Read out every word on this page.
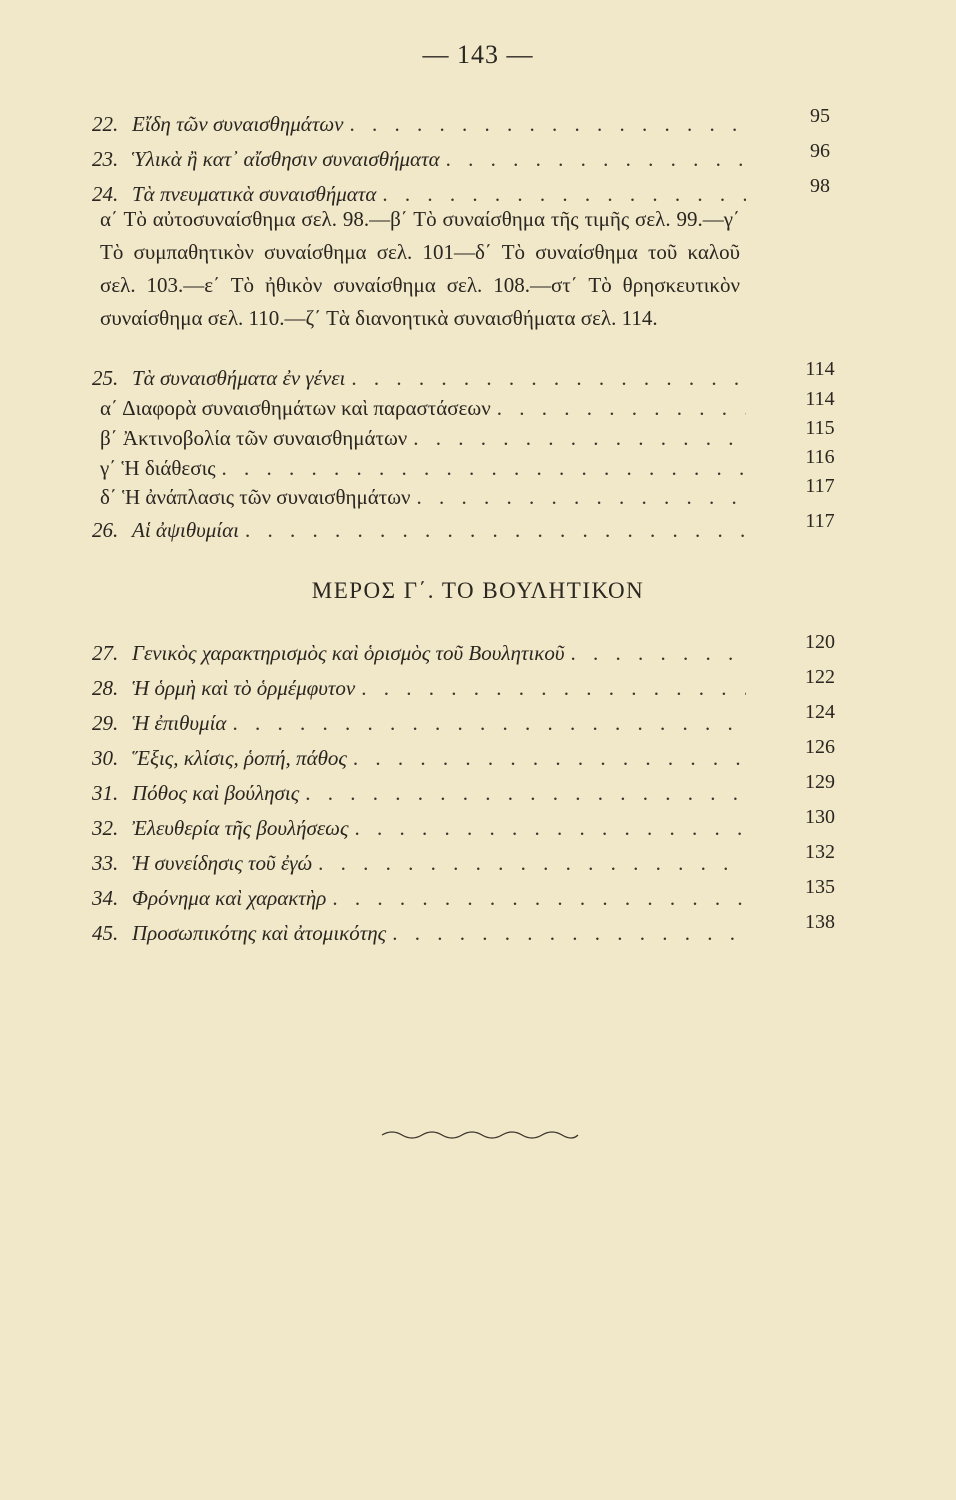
— 143 —
22. Εἴδη τῶν συναισθημάτων . . .	95
23. Ὑλικὰ ἢ κατ᾿ αἴσθησιν συναισθήματα . . .	96
24. Τὰ πνευματικὰ συναισθήματα . . .	98
α΄ Τὸ αὐτοσυναίσθημα σελ. 98.—β΄ Τὸ συναίσθημα τῆς τιμῆς σελ. 99.—γ΄ Τὸ συμπαθητικὸν συναίσθημα σελ. 101—δ΄ Τὸ συναίσθημα τοῦ καλοῦ σελ. 103.—ε΄ Τὸ ἠθικὸν συναίσθημα σελ. 108.—στ΄ Τὸ θρησκευτικὸν συναίσθημα σελ. 110.—ζ΄ Τὰ διανοητικὰ συναισθήματα σελ. 114.
25. Τὰ συναισθήματα ἐν γένει . . .	114
α΄ Διαφορὰ συναισθημάτων καὶ παραστάσεων . . .	114
β΄ Ἀκτινοβολία τῶν συναισθημάτων . . .	115
γ΄ Ἡ διάθεσις . . .	116
δ΄ Ἡ ἀνάπλασις τῶν συναισθημάτων . . .	117
26. Αἱ ἀψιθυμίαι . . .	117
ΜΕΡΟΣ Γ΄. ΤΟ ΒΟΥΛΗΤΙΚΟΝ
27. Γενικὸς χαρακτηρισμὸς καὶ ὁρισμὸς τοῦ Βουλητικοῦ . . .	120
28. Ἡ ὁρμὴ καὶ τὸ ὁρμέμφυτον . . .	122
29. Ἡ ἐπιθυμία . . .	124
30. Ἕξις, κλίσις, ῥοπή, πάθος . . .	126
31. Πόθος καὶ βούλησις . . .	129
32. Ἐλευθερία τῆς βουλήσεως . . .	130
33. Ἡ συνείδησις τοῦ ἐγώ . . .	132
34. Φρόνημα καὶ χαρακτὴρ . . .	135
45. Προσωπικότης καὶ ἀτομικότης . . .	138
